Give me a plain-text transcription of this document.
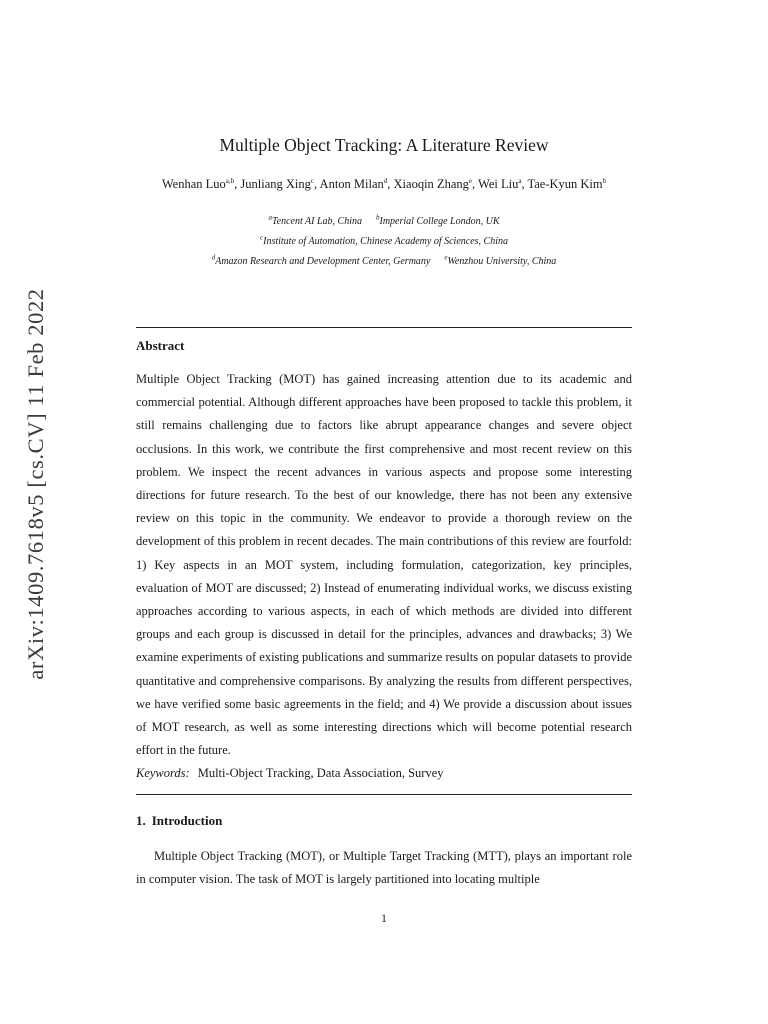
arXiv:1409.7618v5 [cs.CV] 11 Feb 2022
Multiple Object Tracking: A Literature Review
Wenhan Luo$^{a,b}$, Junliang Xing$^c$, Anton Milan$^d$, Xiaoqin Zhang$^e$, Wei Liu$^a$, Tae-Kyun Kim$^b$
$^a$Tencent AI Lab, China $^b$Imperial College London, UK
$^c$Institute of Automation, Chinese Academy of Sciences, China
$^d$Amazon Research and Development Center, Germany $^e$Wenzhou University, China
Abstract

Multiple Object Tracking (MOT) has gained increasing attention due to its academic and commercial potential. Although different approaches have been proposed to tackle this problem, it still remains challenging due to factors like abrupt appearance changes and severe object occlusions. In this work, we contribute the first comprehensive and most recent review on this problem. We inspect the recent advances in various aspects and propose some interesting directions for future research. To the best of our knowledge, there has not been any extensive review on this topic in the community. We endeavor to provide a thorough review on the development of this problem in recent decades. The main contributions of this review are fourfold: 1) Key aspects in an MOT system, including formulation, categorization, key principles, evaluation of MOT are discussed; 2) Instead of enumerating individual works, we discuss existing approaches according to various aspects, in each of which methods are divided into different groups and each group is discussed in detail for the principles, advances and drawbacks; 3) We examine experiments of existing publications and summarize results on popular datasets to provide quantitative and comprehensive comparisons. By analyzing the results from different perspectives, we have verified some basic agreements in the field; and 4) We provide a discussion about issues of MOT research, as well as some interesting directions which will become potential research effort in the future.

Keywords: Multi-Object Tracking, Data Association, Survey
1. Introduction

Multiple Object Tracking (MOT), or Multiple Target Tracking (MTT), plays an important role in computer vision. The task of MOT is largely partitioned into locating multiple

1
